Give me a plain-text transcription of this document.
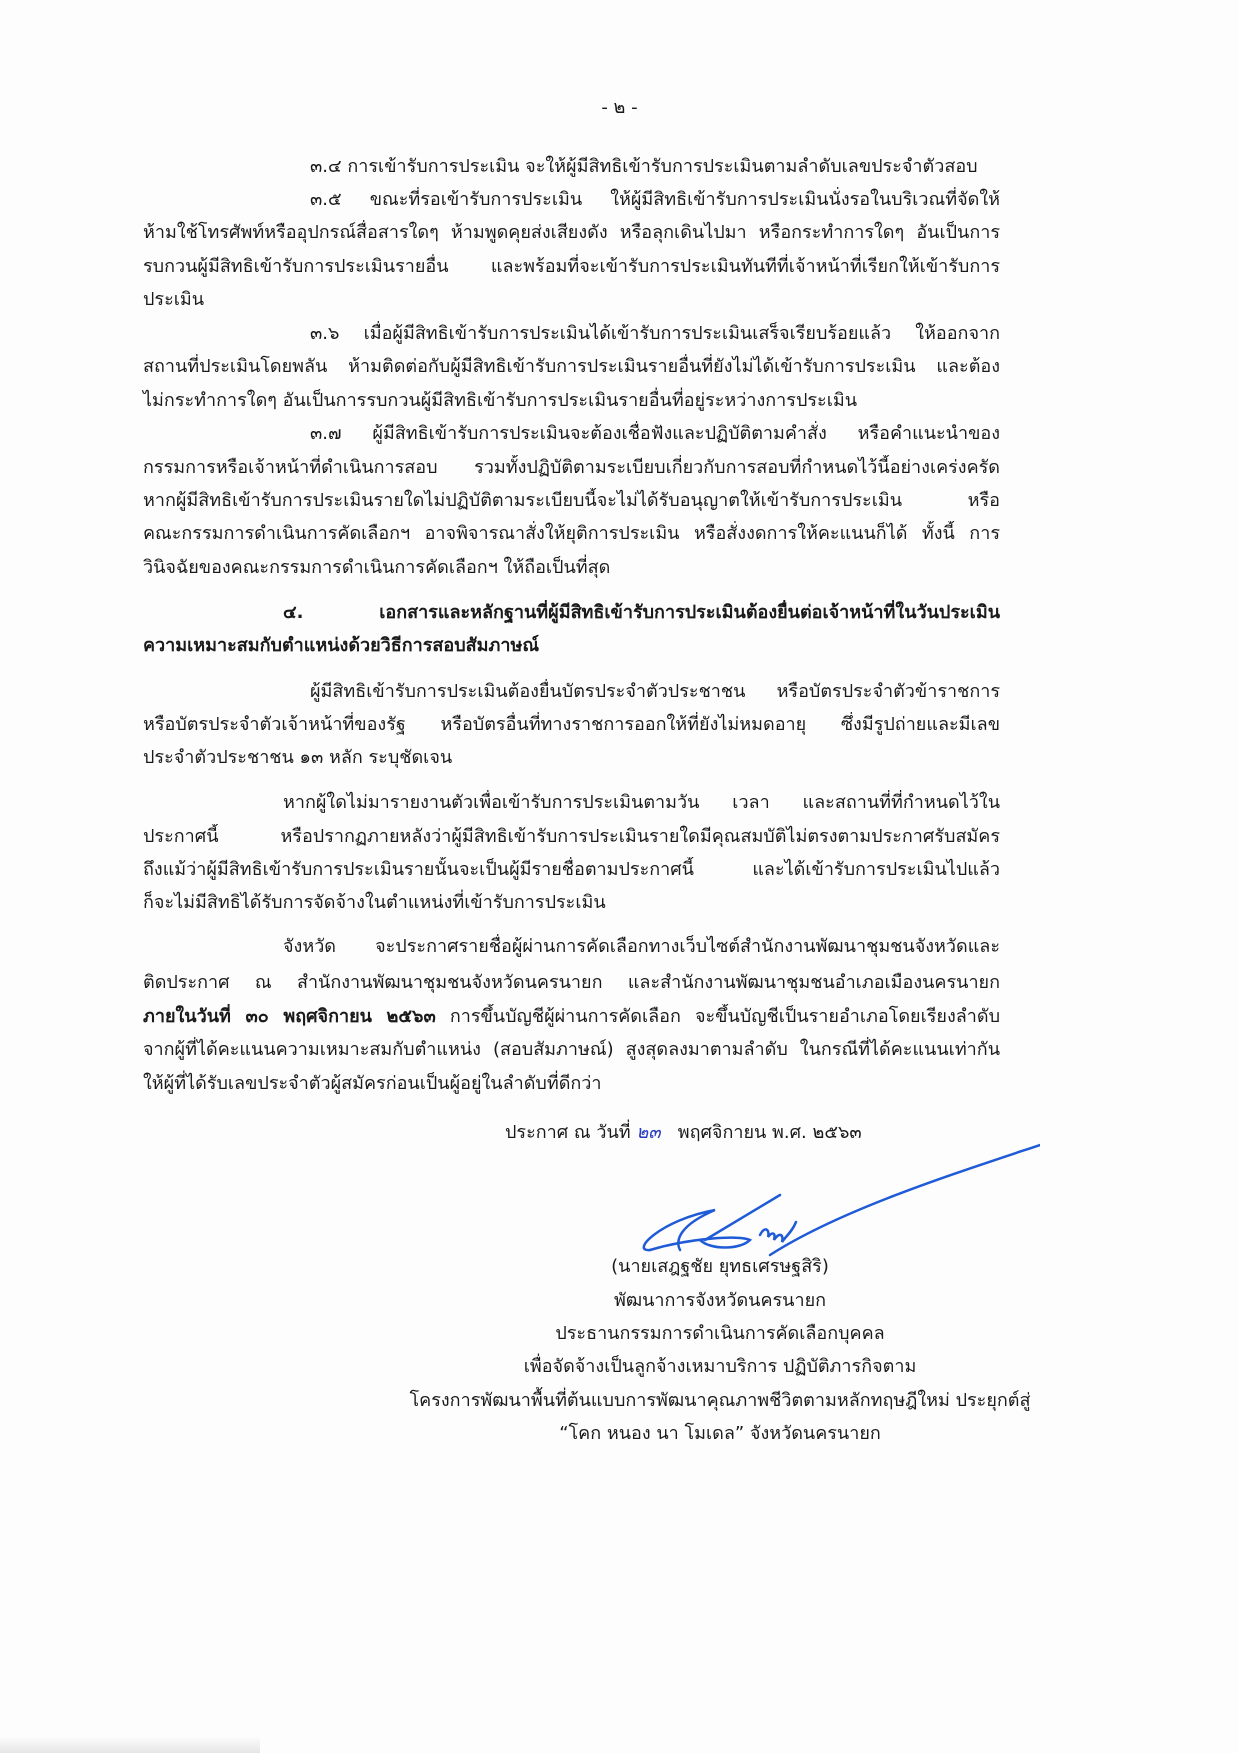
- ๒ -
๓.๔ การเข้ารับการประเมิน จะให้ผู้มีสิทธิเข้ารับการประเมินตามลำดับเลขประจำตัวสอบ
๓.๕ ขณะที่รอเข้ารับการประเมิน ให้ผู้มีสิทธิเข้ารับการประเมินนั่งรอในบริเวณที่จัดให้
ห้ามใช้โทรศัพท์หรืออุปกรณ์สื่อสารใดๆ ห้ามพูดคุยส่งเสียงดัง หรือลุกเดินไปมา หรือกระทำการใดๆ อันเป็นการ
รบกวนผู้มีสิทธิเข้ารับการประเมินรายอื่น และพร้อมที่จะเข้ารับการประเมินทันทีที่เจ้าหน้าที่เรียกให้เข้ารับการ
ประเมิน
๓.๖ เมื่อผู้มีสิทธิเข้ารับการประเมินได้เข้ารับการประเมินเสร็จเรียบร้อยแล้ว ให้ออกจาก
สถานที่ประเมินโดยพลัน ห้ามติดต่อกับผู้มีสิทธิเข้ารับการประเมินรายอื่นที่ยังไม่ได้เข้ารับการประเมิน และต้อง
ไม่กระทำการใดๆ อันเป็นการรบกวนผู้มีสิทธิเข้ารับการประเมินรายอื่นที่อยู่ระหว่างการประเมิน
๓.๗ ผู้มีสิทธิเข้ารับการประเมินจะต้องเชื่อฟังและปฏิบัติตามคำสั่ง หรือคำแนะนำของ
กรรมการหรือเจ้าหน้าที่ดำเนินการสอบ รวมทั้งปฏิบัติตามระเบียบเกี่ยวกับการสอบที่กำหนดไว้นี้อย่างเคร่งครัด
หากผู้มีสิทธิเข้ารับการประเมินรายใดไม่ปฏิบัติตามระเบียบนี้จะไม่ได้รับอนุญาตให้เข้ารับการประเมิน หรือ
คณะกรรมการดำเนินการคัดเลือกฯ อาจพิจารณาสั่งให้ยุติการประเมิน หรือสั่งงดการให้คะแนนก็ได้ ทั้งนี้ การ
วินิจฉัยของคณะกรรมการดำเนินการคัดเลือกฯ ให้ถือเป็นที่สุด
๔. เอกสารและหลักฐานที่ผู้มีสิทธิเข้ารับการประเมินต้องยื่นต่อเจ้าหน้าที่ในวันประเมิน
ความเหมาะสมกับตำแหน่งด้วยวิธีการสอบสัมภาษณ์
ผู้มีสิทธิเข้ารับการประเมินต้องยื่นบัตรประจำตัวประชาชน หรือบัตรประจำตัวข้าราชการ
หรือบัตรประจำตัวเจ้าหน้าที่ของรัฐ หรือบัตรอื่นที่ทางราชการออกให้ที่ยังไม่หมดอายุ ซึ่งมีรูปถ่ายและมีเลข
ประจำตัวประชาชน ๑๓ หลัก ระบุชัดเจน
หากผู้ใดไม่มารายงานตัวเพื่อเข้ารับการประเมินตามวัน เวลา และสถานที่ที่กำหนดไว้ใน
ประกาศนี้ หรือปรากฏภายหลังว่าผู้มีสิทธิเข้ารับการประเมินรายใดมีคุณสมบัติไม่ตรงตามประกาศรับสมัคร
ถึงแม้ว่าผู้มีสิทธิเข้ารับการประเมินรายนั้นจะเป็นผู้มีรายชื่อตามประกาศนี้ และได้เข้ารับการประเมินไปแล้ว
ก็จะไม่มีสิทธิได้รับการจัดจ้างในตำแหน่งที่เข้ารับการประเมิน
จังหวัด จะประกาศรายชื่อผู้ผ่านการคัดเลือกทางเว็บไซต์สำนักงานพัฒนาชุมชนจังหวัดและ
ติดประกาศ ณ สำนักงานพัฒนาชุมชนจังหวัดนครนายก และสำนักงานพัฒนาชุมชนอำเภอเมืองนครนายก
ภายในวันที่ ๓๐ พฤศจิกายน ๒๕๖๓ การขึ้นบัญชีผู้ผ่านการคัดเลือก จะขึ้นบัญชีเป็นรายอำเภอโดยเรียงลำดับ
จากผู้ที่ได้คะแนนความเหมาะสมกับตำแหน่ง (สอบสัมภาษณ์) สูงสุดลงมาตามลำดับ ในกรณีที่ได้คะแนนเท่ากัน
ให้ผู้ที่ได้รับเลขประจำตัวผู้สมัครก่อนเป็นผู้อยู่ในลำดับที่ดีกว่า
ประกาศ ณ วันที่ ๒๓ พฤศจิกายน พ.ศ. ๒๕๖๓
(นายเสฎฐชัย ยุทธเศรษฐสิริ)
พัฒนาการจังหวัดนครนายก
ประธานกรรมการดำเนินการคัดเลือกบุคคล
เพื่อจัดจ้างเป็นลูกจ้างเหมาบริการ ปฏิบัติภารกิจตาม
โครงการพัฒนาพื้นที่ต้นแบบการพัฒนาคุณภาพชีวิตตามหลักทฤษฎีใหม่ ประยุกต์สู่
“โคก หนอง นา โมเดล” จังหวัดนครนายก
